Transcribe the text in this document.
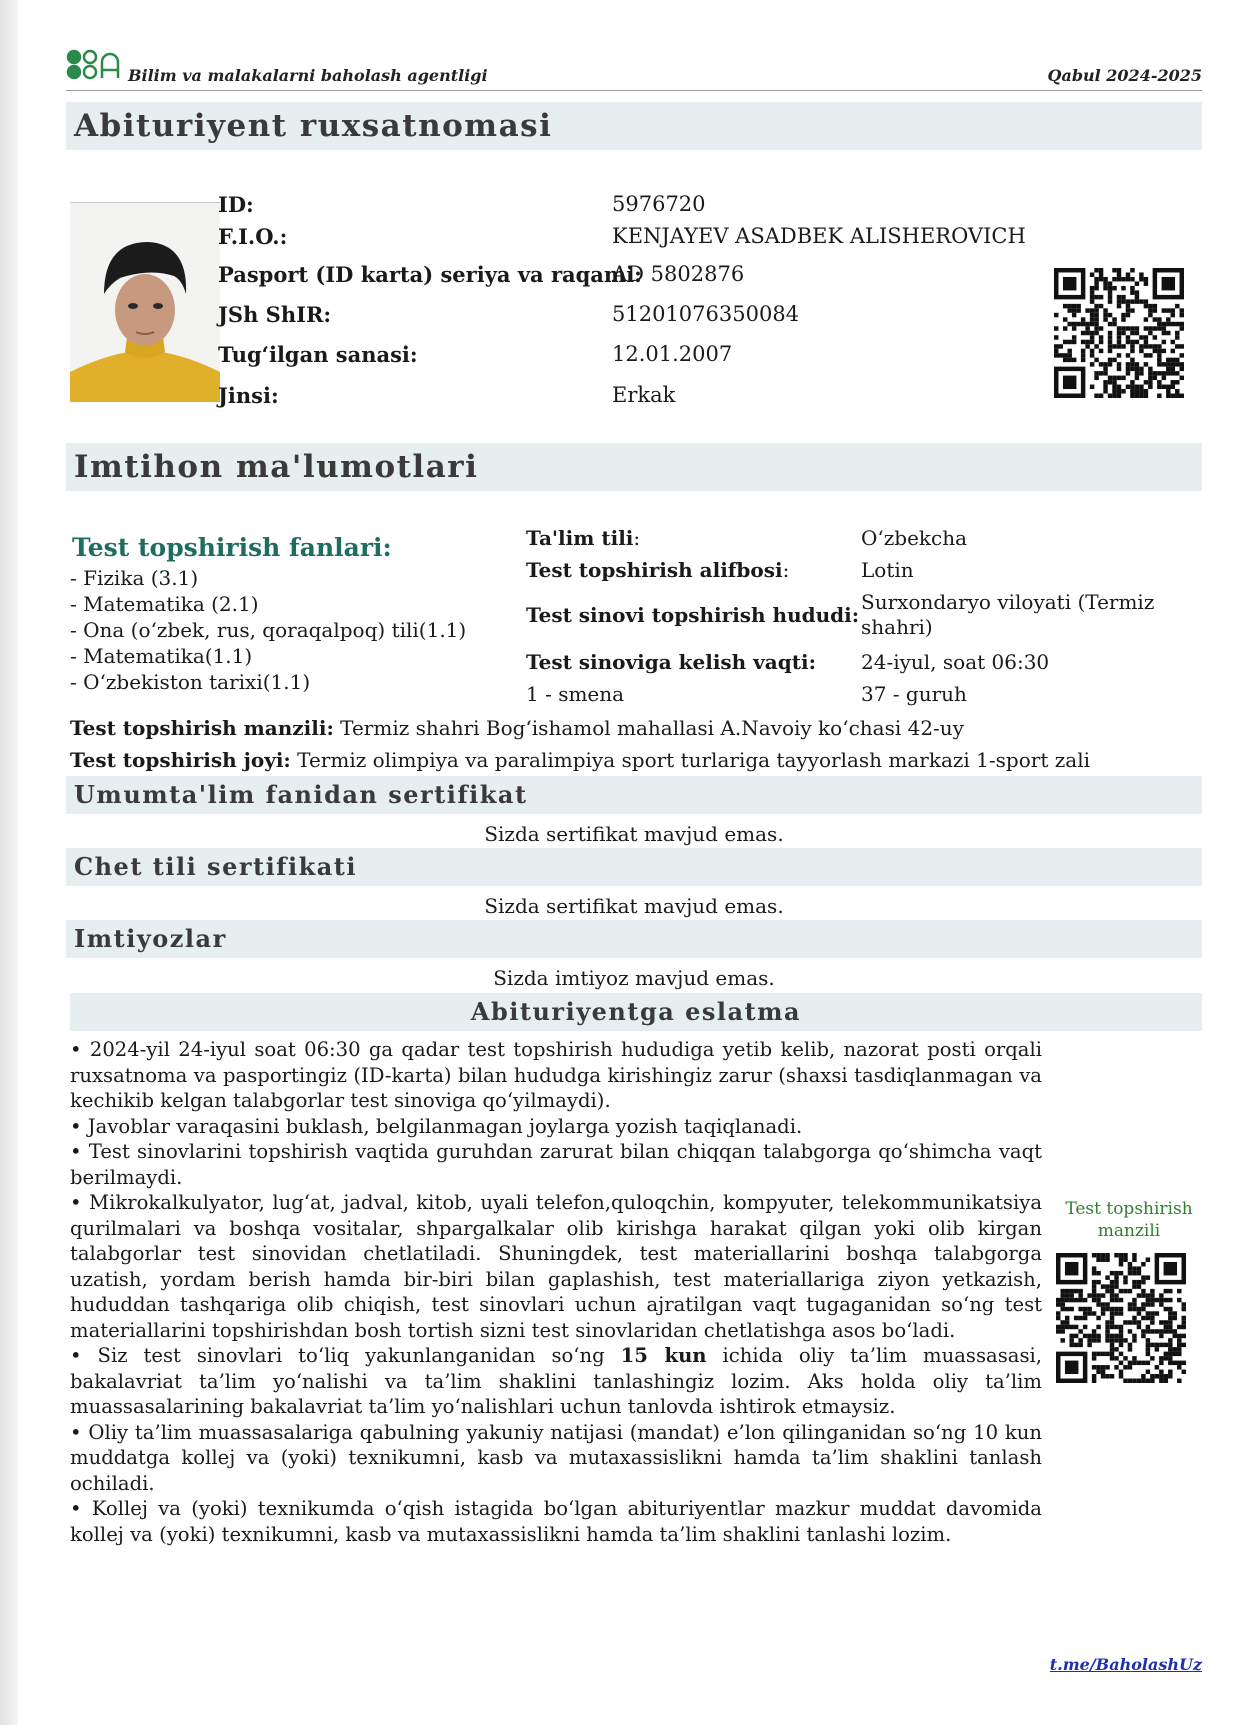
Bilim va malakalarni baholash agentligi	Qabul 2024-2025
Abituriyent ruxsatnomasi
ID:	5976720
F.I.O.:	KENJAYEV ASADBEK ALISHEROVICH
Pasport (ID karta) seriya va raqami:
AD 5802876
JSh ShIR:	51201076350084
Tug‘ilgan sanasi:	12.01.2007
Jinsi:	Erkak
Imtihon ma'lumotlari
Test topshirish fanlari:
- Fizika (3.1)
- Matematika (2.1)
- Ona (o‘zbek, rus, qoraqalpoq) tili(1.1)
- Matematika(1.1)
- O‘zbekiston tarixi(1.1)
Ta'lim tili:	O‘zbekcha
Test topshirish alifbosi:	Lotin
Test sinovi topshirish hududi:
Surxondaryo viloyati (Termiz shahri)
Test sinoviga kelish vaqti: 24-iyul, soat 06:30
1 - smena	37 - guruh
Test topshirish manzili: Termiz shahri Bog‘ishamol mahallasi A.Navoiy ko‘chasi 42-uy
Test topshirish joyi: Termiz olimpiya va paralimpiya sport turlariga tayyorlash markazi 1-sport zali
Umumta'lim fanidan sertifikat
Sizda sertifikat mavjud emas.
Chet tili sertifikati
Sizda sertifikat mavjud emas.
Imtiyozlar
Sizda imtiyoz mavjud emas.
Abituriyentga eslatma

• 2024-yil 24-iyul soat 06:30 ga qadar test topshirish hududiga yetib kelib, nazorat posti orqali ruxsatnoma va pasportingiz (ID-karta) bilan hududga kirishingiz zarur (shaxsi tasdiqlanmagan va kechikib kelgan talabgorlar test sinoviga qo‘yilmaydi).

• Javoblar varaqasini buklash, belgilanmagan joylarga yozish taqiqlanadi.

• Test sinovlarini topshirish vaqtida guruhdan zarurat bilan chiqqan talabgorga qo‘shimcha vaqt berilmaydi.

• Mikrokalkulyator, lug‘at, jadval, kitob, uyali telefon,quloqchin, kompyuter, telekommunikatsiya qurilmalari va boshqa vositalar, shpargalkalar olib kirishga harakat qilgan yoki olib kirgan talabgorlar test sinovidan chetlatiladi. Shuningdek, test materiallarini boshqa talabgorga uzatish, yordam berish hamda bir-biri bilan gaplashish, test materiallariga ziyon yetkazish, hududdan tashqariga olib chiqish, test sinovlari uchun ajratilgan vaqt tugaganidan so‘ng test materiallarini topshirishdan bosh tortish sizni test sinovlaridan chetlatishga asos bo‘ladi.

• Siz test sinovlari to‘liq yakunlanganidan so‘ng 15 kun ichida oliy ta’lim muassasasi, bakalavriat ta’lim yo‘nalishi va ta’lim shaklini tanlashingiz lozim. Aks holda oliy ta’lim muassasalarining bakalavriat ta’lim yo‘nalishlari uchun tanlovda ishtirok etmaysiz.

• Oliy ta’lim muassasalariga qabulning yakuniy natijasi (mandat) e’lon qilinganidan so‘ng 10 kun muddatga kollej va (yoki) texnikumni, kasb va mutaxassislikni hamda ta’lim shaklini tanlash ochiladi.

• Kollej va (yoki) texnikumda o‘qish istagida bo‘lgan abituriyentlar mazkur muddat davomida kollej va (yoki) texnikumni, kasb va mutaxassislikni hamda ta’lim shaklini tanlashi lozim.

Test topshirish manzili
t.me/BaholashUz
